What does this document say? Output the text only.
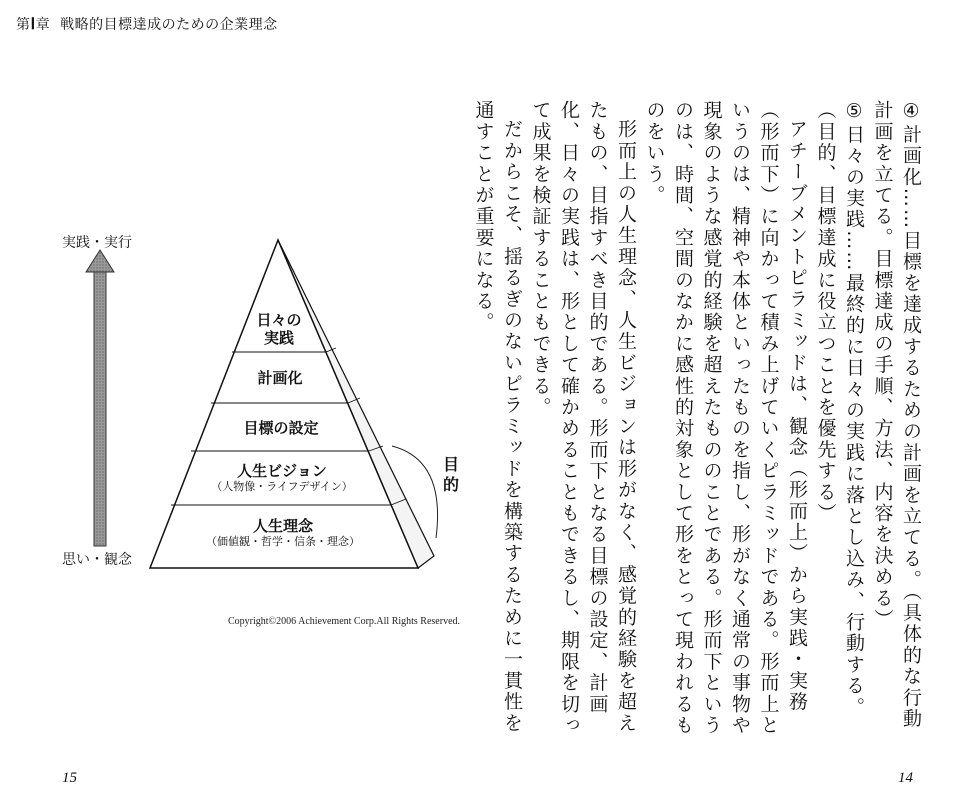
第Ⅰ章 戦略的目標達成のための企業理念
実践・実行
思い・観念
日々の
実践
計画化
目標の設定
人生ビジョン
（人物像・ライフデザイン）
人生理念
（価値観・哲学・信条・理念）
目
的
Copyright©2006 Achievement Corp.All Rights Reserved.	④計画化……目標を達成するための計画を立てる。（具体的な行動計画を立てる。目標達成の手順、方法、内容を決める）

⑤日々の実践……最終的に日々の実践に落とし込み、行動する。（目的、目標達成に役立つことを優先する）

アチーブメントピラミッドは、観念（形而上）から実践・実務（形而下）に向かって積み上げていくピラミッドである。形而上というのは、精神や本体といったものを指し、形がなく通常の事物や現象のような感覚的経験を超えたもののことである。形而下というのは、時間、空間のなかに感性的対象として形をとって現われるものをいう。

形而上の人生理念、人生ビジョンは形がなく、感覚的経験を超えたもの、目指すべき目的である。形而下となる目標の設定、計画化、日々の実践は、形として確かめることもできるし、期限を切って成果を検証することもできる。

だからこそ、揺るぎのないピラミッドを構築するために一貫性を通すことが重要になる。

15	14
